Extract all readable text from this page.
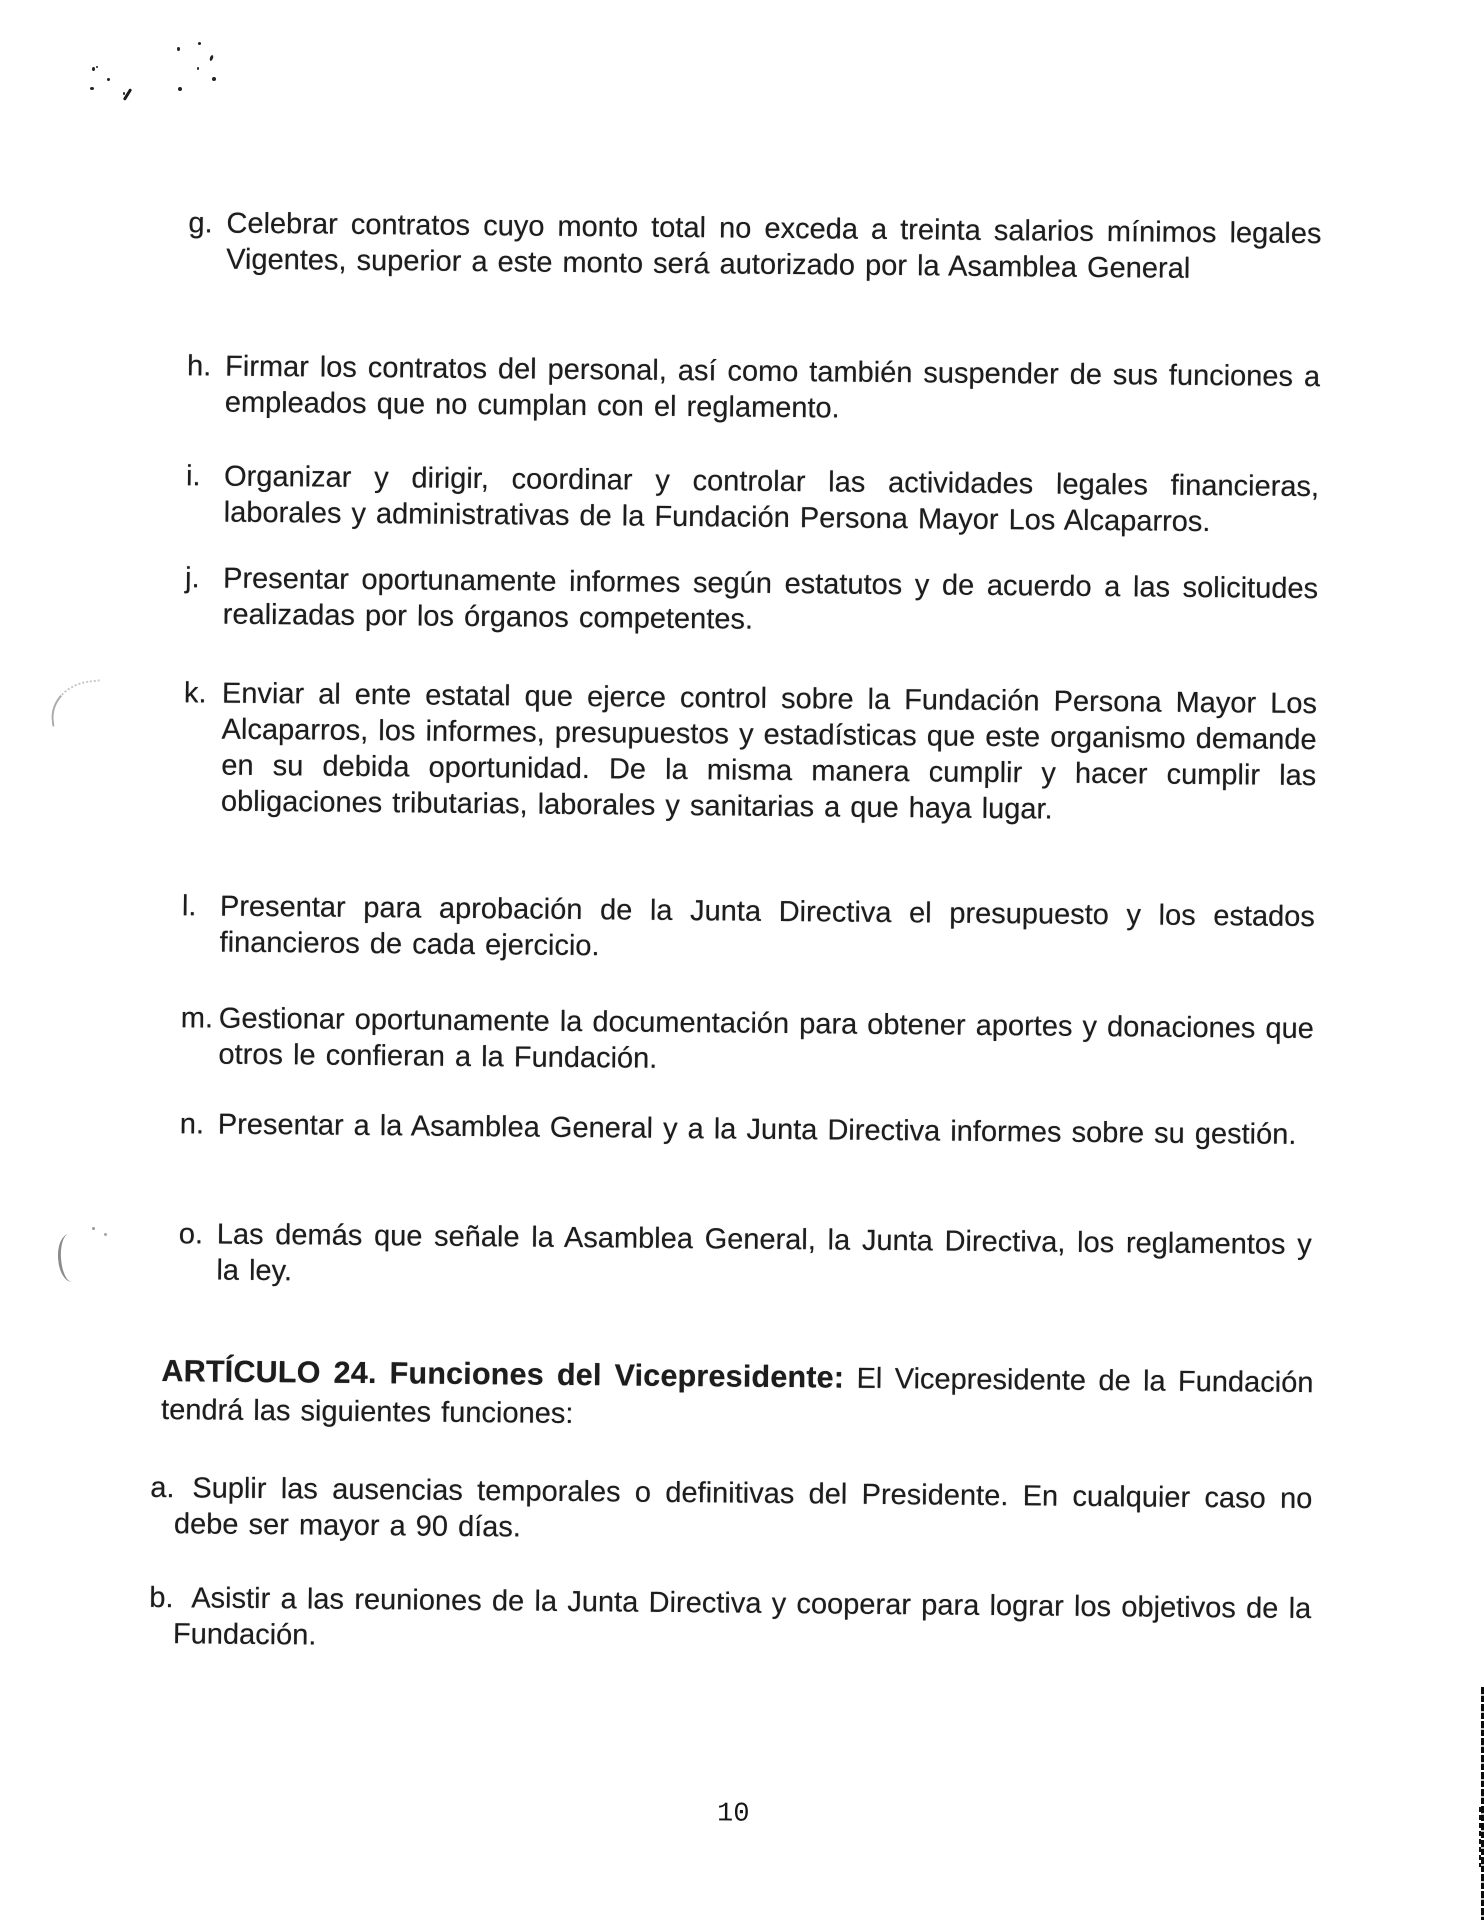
g. Celebrar contratos cuyo monto total no exceda a treinta salarios mínimos legales Vigentes, superior a este monto será autorizado por la Asamblea General

h. Firmar los contratos del personal, así como también suspender de sus funciones a empleados que no cumplan con el reglamento.

i. Organizar y dirigir, coordinar y controlar las actividades legales financieras, laborales y administrativas de la Fundación Persona Mayor Los Alcaparros.

j. Presentar oportunamente informes según estatutos y de acuerdo a las solicitudes realizadas por los órganos competentes.

k. Enviar al ente estatal que ejerce control sobre la Fundación Persona Mayor Los Alcaparros, los informes, presupuestos y estadísticas que este organismo demande en su debida oportunidad. De la misma manera cumplir y hacer cumplir las obligaciones tributarias, laborales y sanitarias a que haya lugar.

l. Presentar para aprobación de la Junta Directiva el presupuesto y los estados financieros de cada ejercicio.

m. Gestionar oportunamente la documentación para obtener aportes y donaciones que otros le confieran a la Fundación.

n. Presentar a la Asamblea General y a la Junta Directiva informes sobre su gestión.

o. Las demás que señale la Asamblea General, la Junta Directiva, los reglamentos y la ley.

ARTÍCULO 24. Funciones del Vicepresidente: El Vicepresidente de la Fundación tendrá las siguientes funciones:

a. Suplir las ausencias temporales o definitivas del Presidente. En cualquier caso no debe ser mayor a 90 días.

b. Asistir a las reuniones de la Junta Directiva y cooperar para lograr los objetivos de la Fundación.

10
